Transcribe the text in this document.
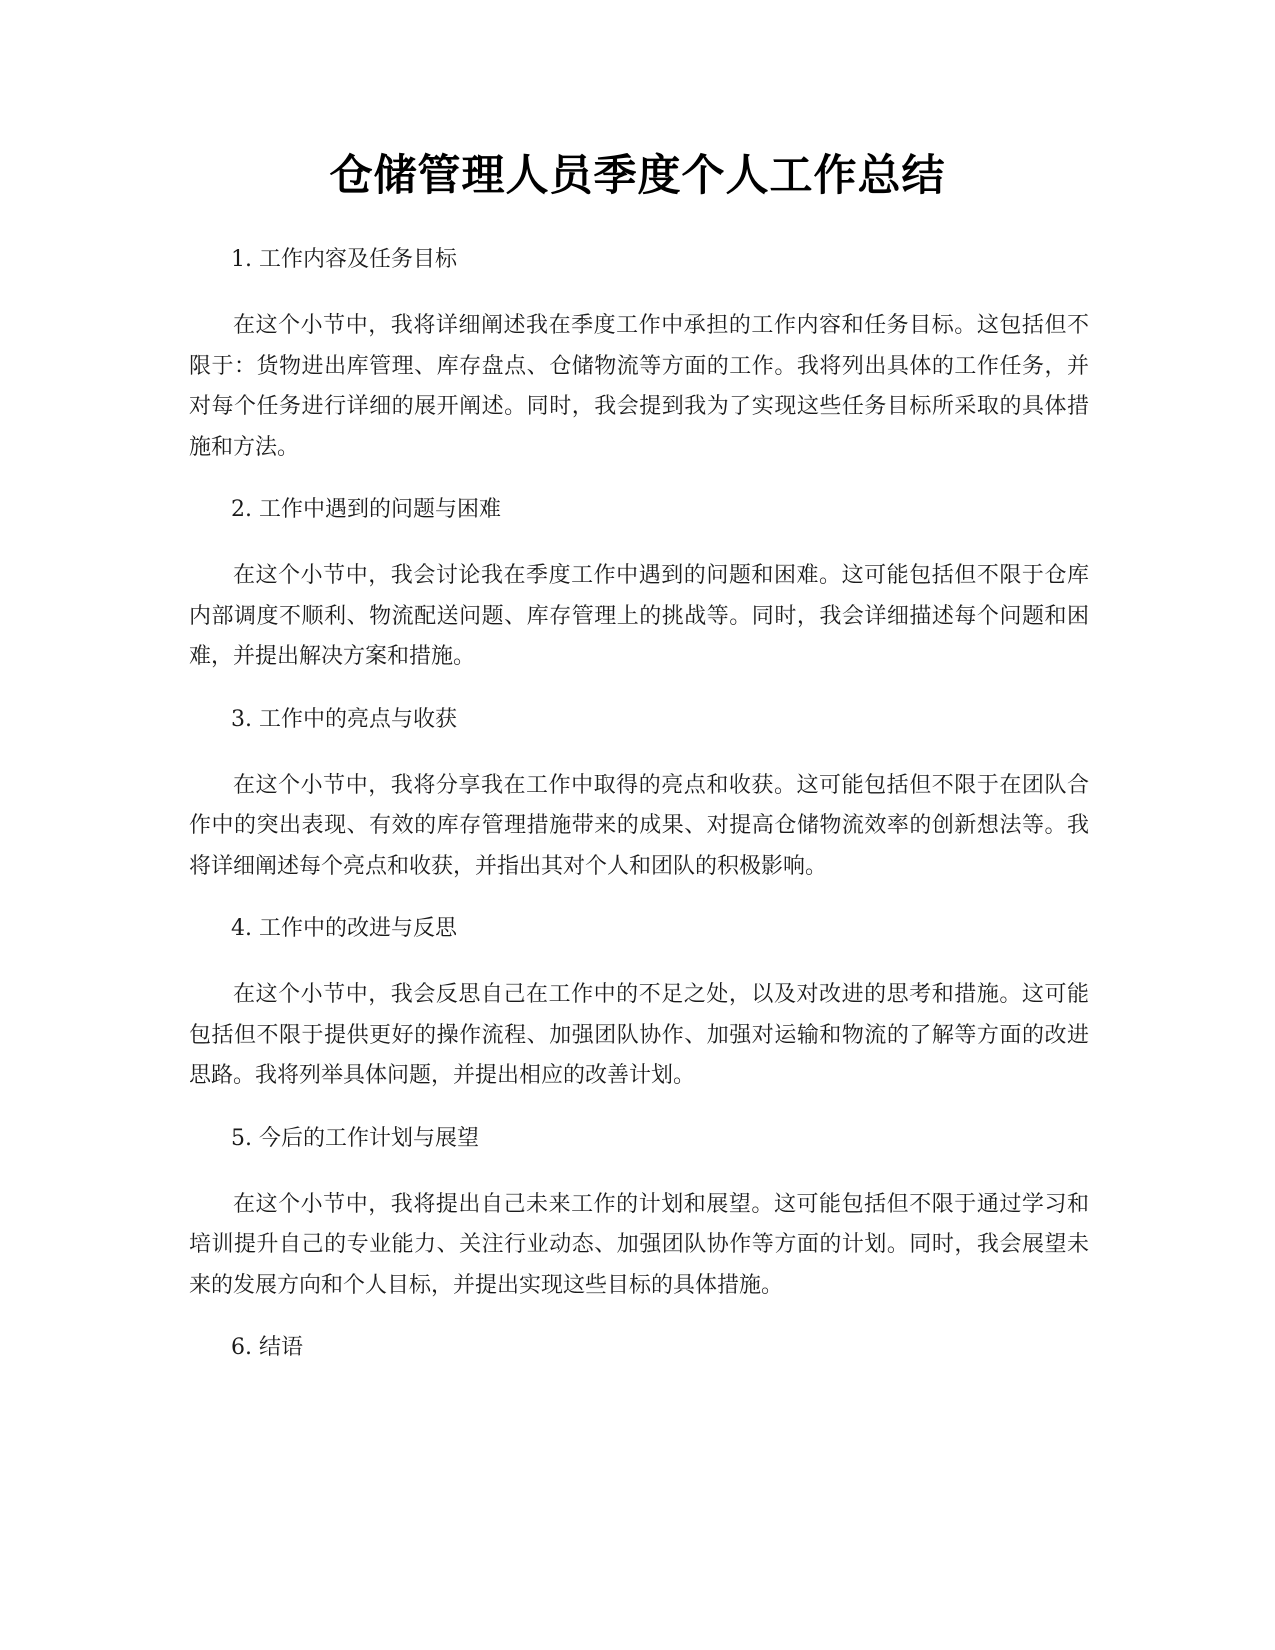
仓储管理人员季度个人工作总结
1. 工作内容及任务目标

在这个小节中，我将详细阐述我在季度工作中承担的工作内容和任务目标。这包括但不限于：货物进出库管理、库存盘点、仓储物流等方面的工作。我将列出具体的工作任务，并对每个任务进行详细的展开阐述。同时，我会提到我为了实现这些任务目标所采取的具体措施和方法。

2. 工作中遇到的问题与困难

在这个小节中，我会讨论我在季度工作中遇到的问题和困难。这可能包括但不限于仓库内部调度不顺利、物流配送问题、库存管理上的挑战等。同时，我会详细描述每个问题和困难，并提出解决方案和措施。

3. 工作中的亮点与收获

在这个小节中，我将分享我在工作中取得的亮点和收获。这可能包括但不限于在团队合作中的突出表现、有效的库存管理措施带来的成果、对提高仓储物流效率的创新想法等。我将详细阐述每个亮点和收获，并指出其对个人和团队的积极影响。

4. 工作中的改进与反思

在这个小节中，我会反思自己在工作中的不足之处，以及对改进的思考和措施。这可能包括但不限于提供更好的操作流程、加强团队协作、加强对运输和物流的了解等方面的改进思路。我将列举具体问题，并提出相应的改善计划。

5. 今后的工作计划与展望

在这个小节中，我将提出自己未来工作的计划和展望。这可能包括但不限于通过学习和培训提升自己的专业能力、关注行业动态、加强团队协作等方面的计划。同时，我会展望未来的发展方向和个人目标，并提出实现这些目标的具体措施。

6. 结语
